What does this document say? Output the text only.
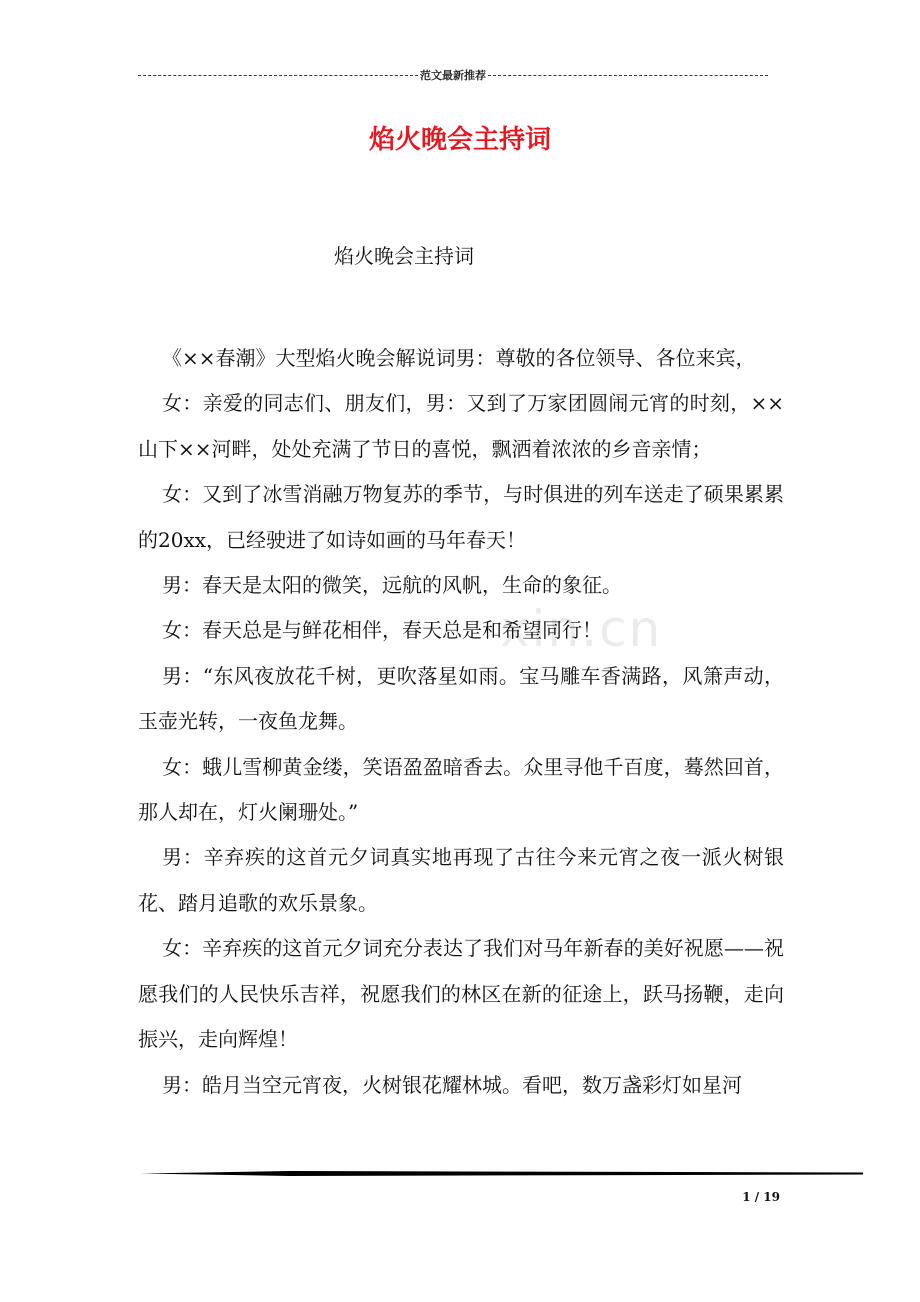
范文最新推荐
焰火晚会主持词

焰火晚会主持词

《××春潮》大型焰火晚会解说词男：尊敬的各位领导、各位来宾，

女：亲爱的同志们、朋友们，男：又到了万家团圆闹元宵的时刻，××山下××河畔，处处充满了节日的喜悦，飘洒着浓浓的乡音亲情；

女：又到了冰雪消融万物复苏的季节，与时俱进的列车送走了硕果累累的20xx，已经驶进了如诗如画的马年春天！

男：春天是太阳的微笑，远航的风帆，生命的象征。

女：春天总是与鲜花相伴，春天总是和希望同行！

男：“东风夜放花千树，更吹落星如雨。宝马雕车香满路，风箫声动，玉壶光转，一夜鱼龙舞。

女：蛾儿雪柳黄金缕，笑语盈盈暗香去。众里寻他千百度，蓦然回首，那人却在，灯火阑珊处。”

男：辛弃疾的这首元夕词真实地再现了古往今来元宵之夜一派火树银花、踏月追歌的欢乐景象。

女：辛弃疾的这首元夕词充分表达了我们对马年新春的美好祝愿——祝愿我们的人民快乐吉祥，祝愿我们的林区在新的征途上，跃马扬鞭，走向振兴，走向辉煌！

男：皓月当空元宵夜，火树银花耀林城。看吧，数万盏彩灯如星河

xin.cn
1 / 19
